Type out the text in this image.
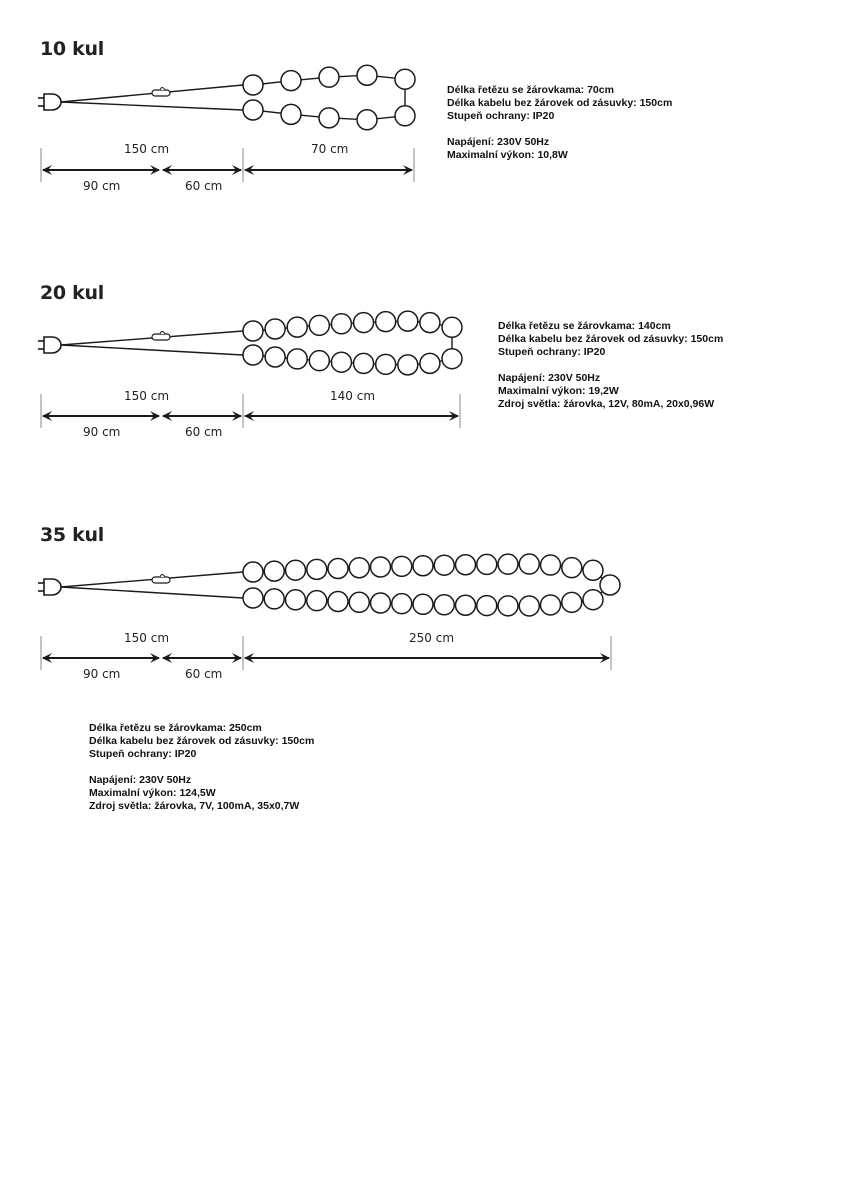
10 kul
150 cm	70 cm
90 cm	60 cm
Délka řetězu se žárovkama: 70cm
Délka kabelu bez žárovek od zásuvky: 150cm
Stupeň ochrany: IP20
Napájení: 230V 50Hz
Maximalní výkon: 10,8W
20 kul
150 cm	140 cm
90 cm	60 cm
Délka řetězu se žárovkama: 140cm
Délka kabelu bez žárovek od zásuvky: 150cm
Stupeň ochrany: IP20
Napájení: 230V 50Hz
Maximalní výkon: 19,2W
Zdroj světla: žárovka, 12V, 80mA, 20x0,96W
35 kul
150 cm	250 cm
90 cm	60 cm
Délka řetězu se žárovkama: 250cm
Délka kabelu bez žárovek od zásuvky: 150cm
Stupeň ochrany: IP20
Napájení: 230V 50Hz
Maximalní výkon: 124,5W
Zdroj světla: žárovka, 7V, 100mA, 35x0,7W
